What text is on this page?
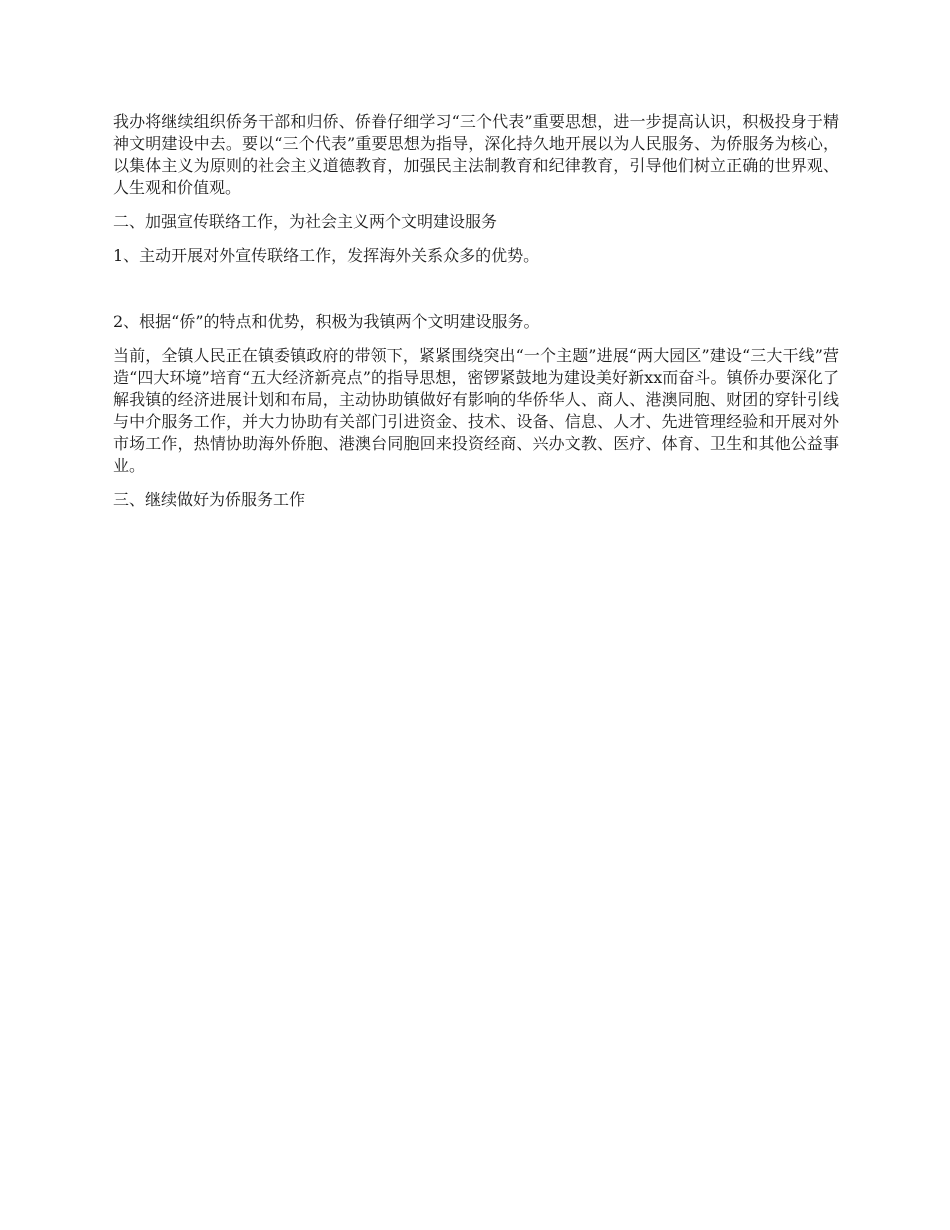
我办将继续组织侨务干部和归侨、侨眷仔细学习“三个代表”重要思想，进一步提高认识，积极投身于精神文明建设中去。要以“三个代表”重要思想为指导，深化持久地开展以为人民服务、为侨服务为核心，以集体主义为原则的社会主义道德教育，加强民主法制教育和纪律教育，引导他们树立正确的世界观、人生观和价值观。

二、加强宣传联络工作，为社会主义两个文明建设服务

1、主动开展对外宣传联络工作，发挥海外关系众多的优势。

2、根据“侨”的特点和优势，积极为我镇两个文明建设服务。

当前，全镇人民正在镇委镇政府的带领下，紧紧围绕突出“一个主题”进展“两大园区”建设“三大干线”营造“四大环境”培育“五大经济新亮点”的指导思想，密锣紧鼓地为建设美好新xx而奋斗。镇侨办要深化了解我镇的经济进展计划和布局，主动协助镇做好有影响的华侨华人、商人、港澳同胞、财团的穿针引线与中介服务工作，并大力协助有关部门引进资金、技术、设备、信息、人才、先进管理经验和开展对外市场工作，热情协助海外侨胞、港澳台同胞回来投资经商、兴办文教、医疗、体育、卫生和其他公益事业。

三、继续做好为侨服务工作
